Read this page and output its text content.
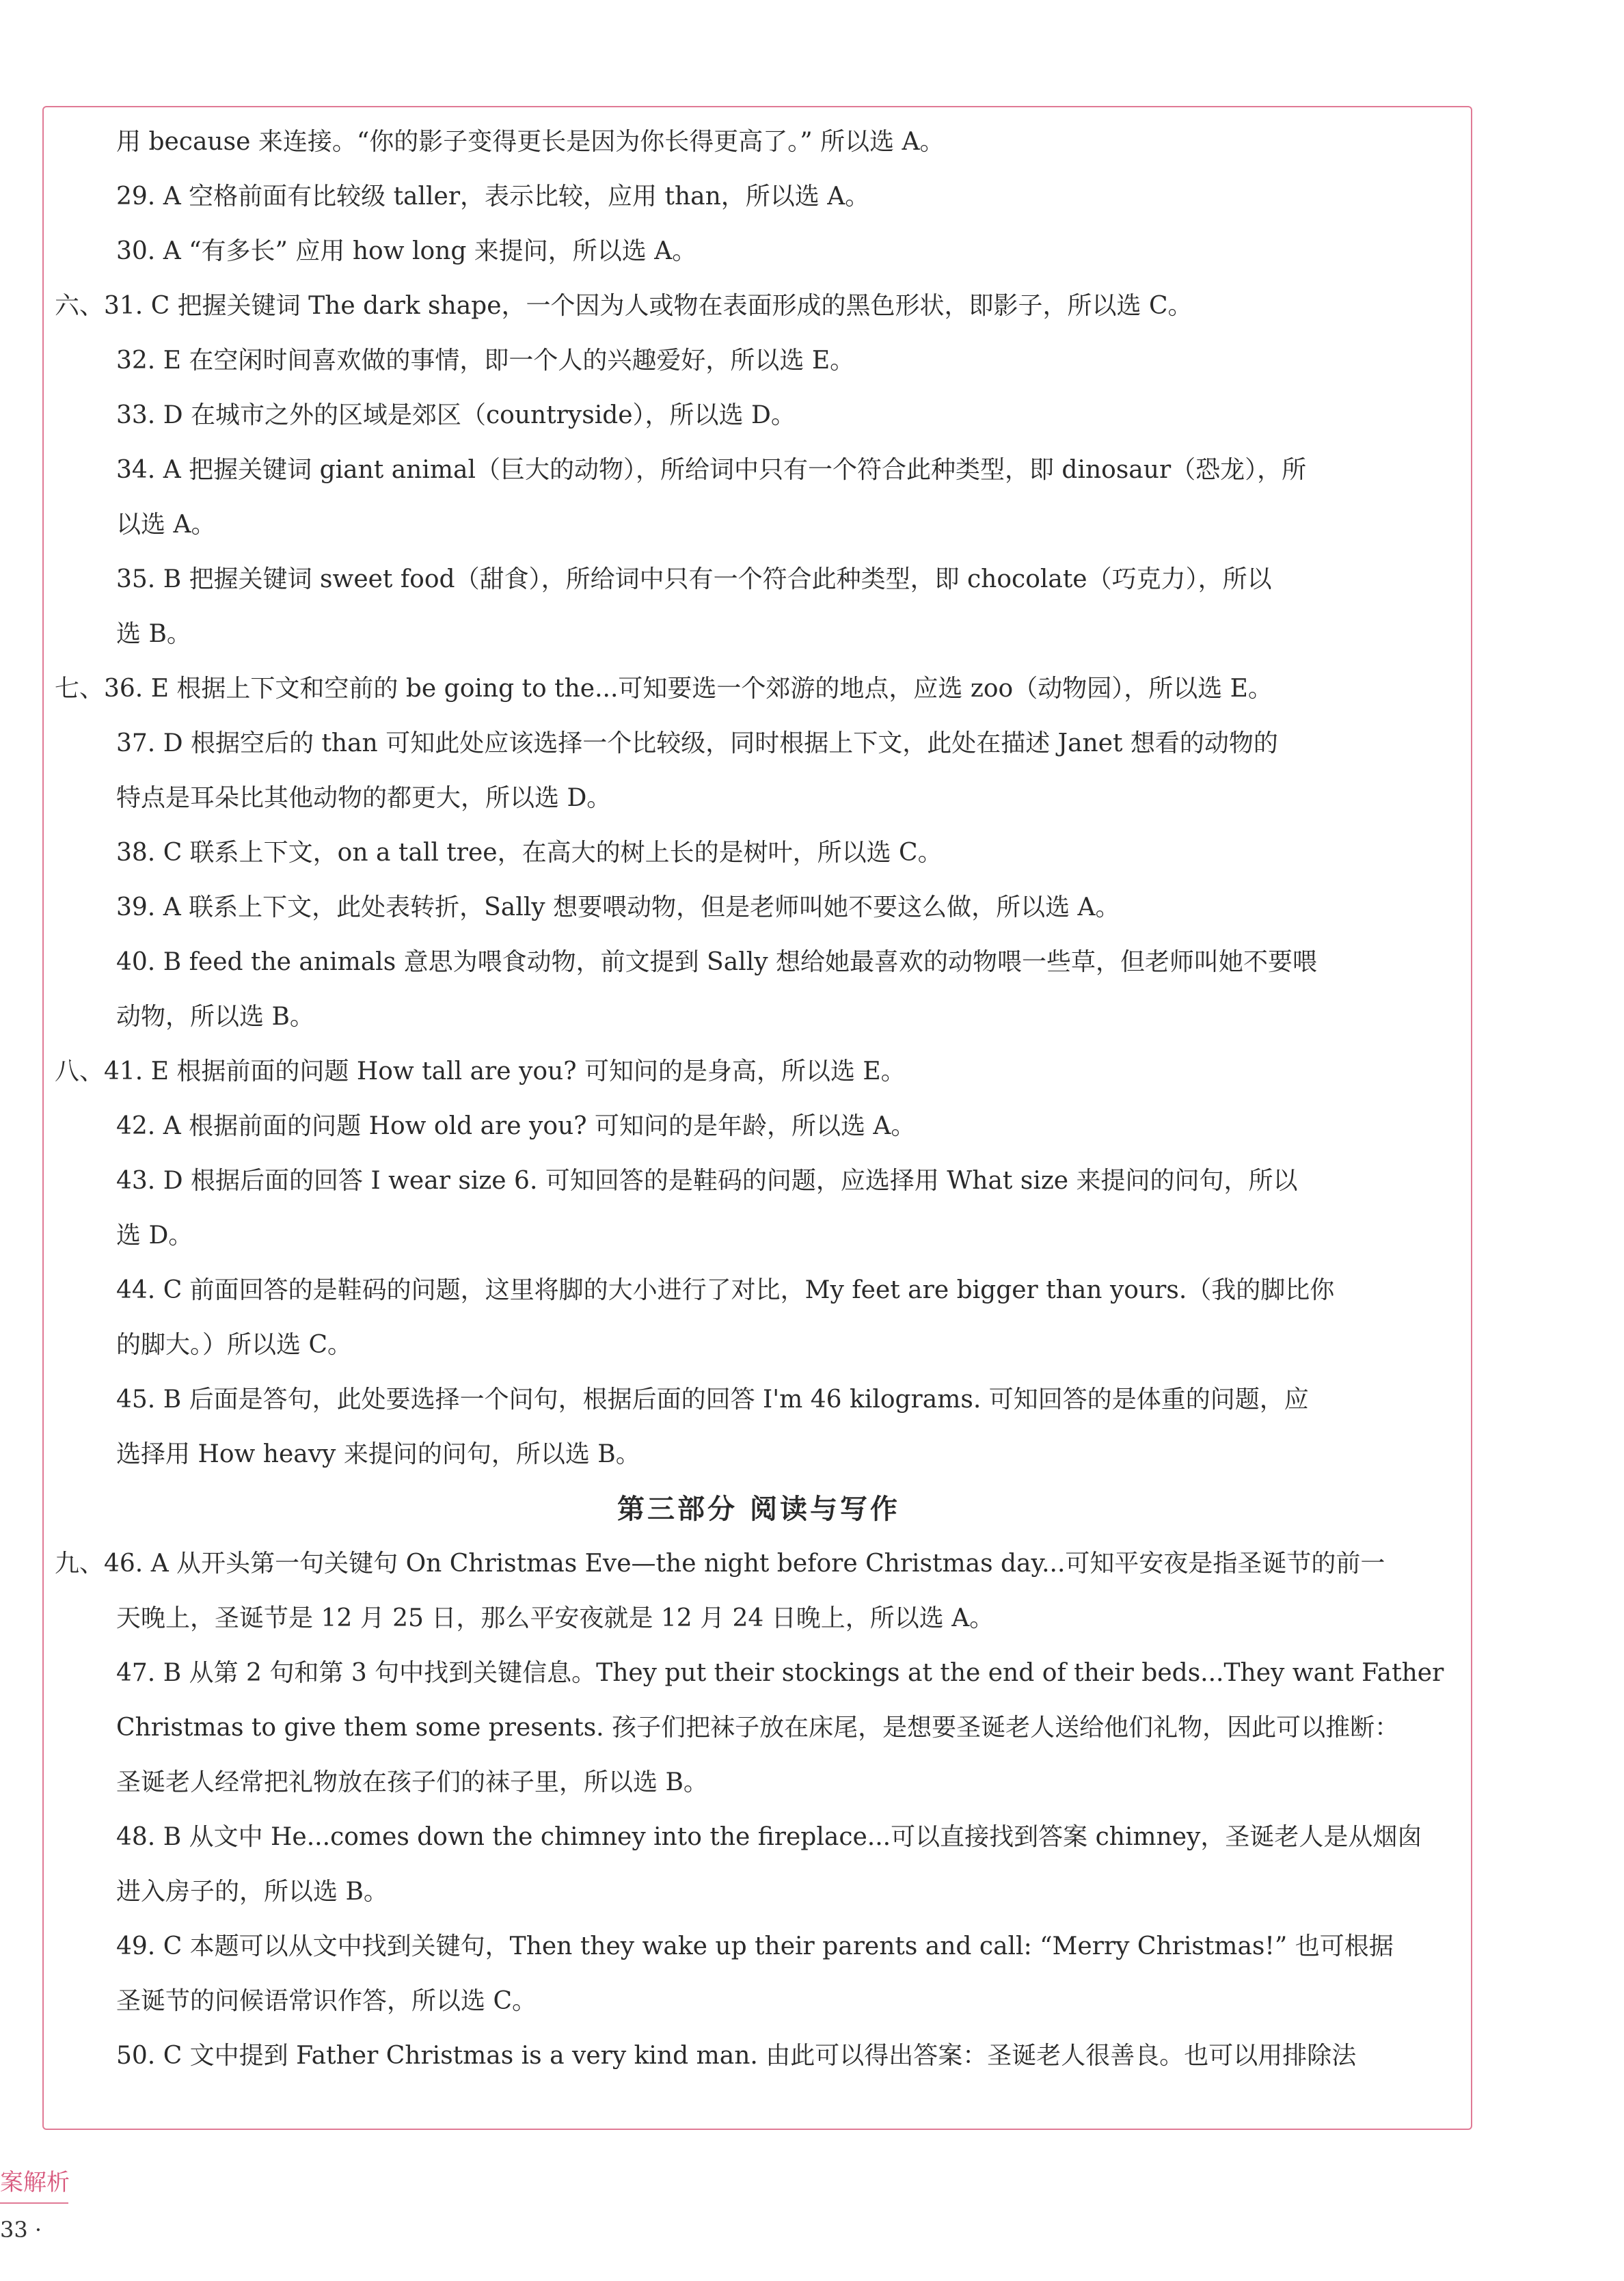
用 because 来连接。“你的影子变得更长是因为你长得更高了。” 所以选 A。

29. A 空格前面有比较级 taller，表示比较，应用 than，所以选 A。

30. A “有多长” 应用 how long 来提问，所以选 A。

六、31. C 把握关键词 The dark shape，一个因为人或物在表面形成的黑色形状，即影子，所以选 C。

32. E 在空闲时间喜欢做的事情，即一个人的兴趣爱好，所以选 E。

33. D 在城市之外的区域是郊区（countryside），所以选 D。

34. A 把握关键词 giant animal（巨大的动物），所给词中只有一个符合此种类型，即 dinosaur（恐龙），所

以选 A。

35. B 把握关键词 sweet food（甜食），所给词中只有一个符合此种类型，即 chocolate（巧克力），所以

选 B。

七、36. E 根据上下文和空前的 be going to the...可知要选一个郊游的地点，应选 zoo（动物园），所以选 E。

37. D 根据空后的 than 可知此处应该选择一个比较级，同时根据上下文，此处在描述 Janet 想看的动物的

特点是耳朵比其他动物的都更大，所以选 D。

38. C 联系上下文，on a tall tree，在高大的树上长的是树叶，所以选 C。

39. A 联系上下文，此处表转折，Sally 想要喂动物，但是老师叫她不要这么做，所以选 A。

40. B feed the animals 意思为喂食动物，前文提到 Sally 想给她最喜欢的动物喂一些草，但老师叫她不要喂

动物，所以选 B。

八、41. E 根据前面的问题 How tall are you? 可知问的是身高，所以选 E。

42. A 根据前面的问题 How old are you? 可知问的是年龄，所以选 A。

43. D 根据后面的回答 I wear size 6. 可知回答的是鞋码的问题，应选择用 What size 来提问的问句，所以

选 D。

44. C 前面回答的是鞋码的问题，这里将脚的大小进行了对比，My feet are bigger than yours.（我的脚比你

的脚大。）所以选 C。

45. B 后面是答句，此处要选择一个问句，根据后面的回答 I'm 46 kilograms. 可知回答的是体重的问题，应

选择用 How heavy 来提问的问句，所以选 B。

第三部分 阅读与写作

九、46. A 从开头第一句关键句 On Christmas Eve—the night before Christmas day...可知平安夜是指圣诞节的前一

天晚上，圣诞节是 12 月 25 日，那么平安夜就是 12 月 24 日晚上，所以选 A。

47. B 从第 2 句和第 3 句中找到关键信息。They put their stockings at the end of their beds...They want Father

Christmas to give them some presents. 孩子们把袜子放在床尾，是想要圣诞老人送给他们礼物，因此可以推断：

圣诞老人经常把礼物放在孩子们的袜子里，所以选 B。

48. B 从文中 He...comes down the chimney into the fireplace...可以直接找到答案 chimney，圣诞老人是从烟囱

进入房子的，所以选 B。

49. C 本题可以从文中找到关键句，Then they wake up their parents and call: “Merry Christmas!” 也可根据

圣诞节的问候语常识作答，所以选 C。

50. C 文中提到 Father Christmas is a very kind man. 由此可以得出答案：圣诞老人很善良。也可以用排除法

案解析
33 ·
